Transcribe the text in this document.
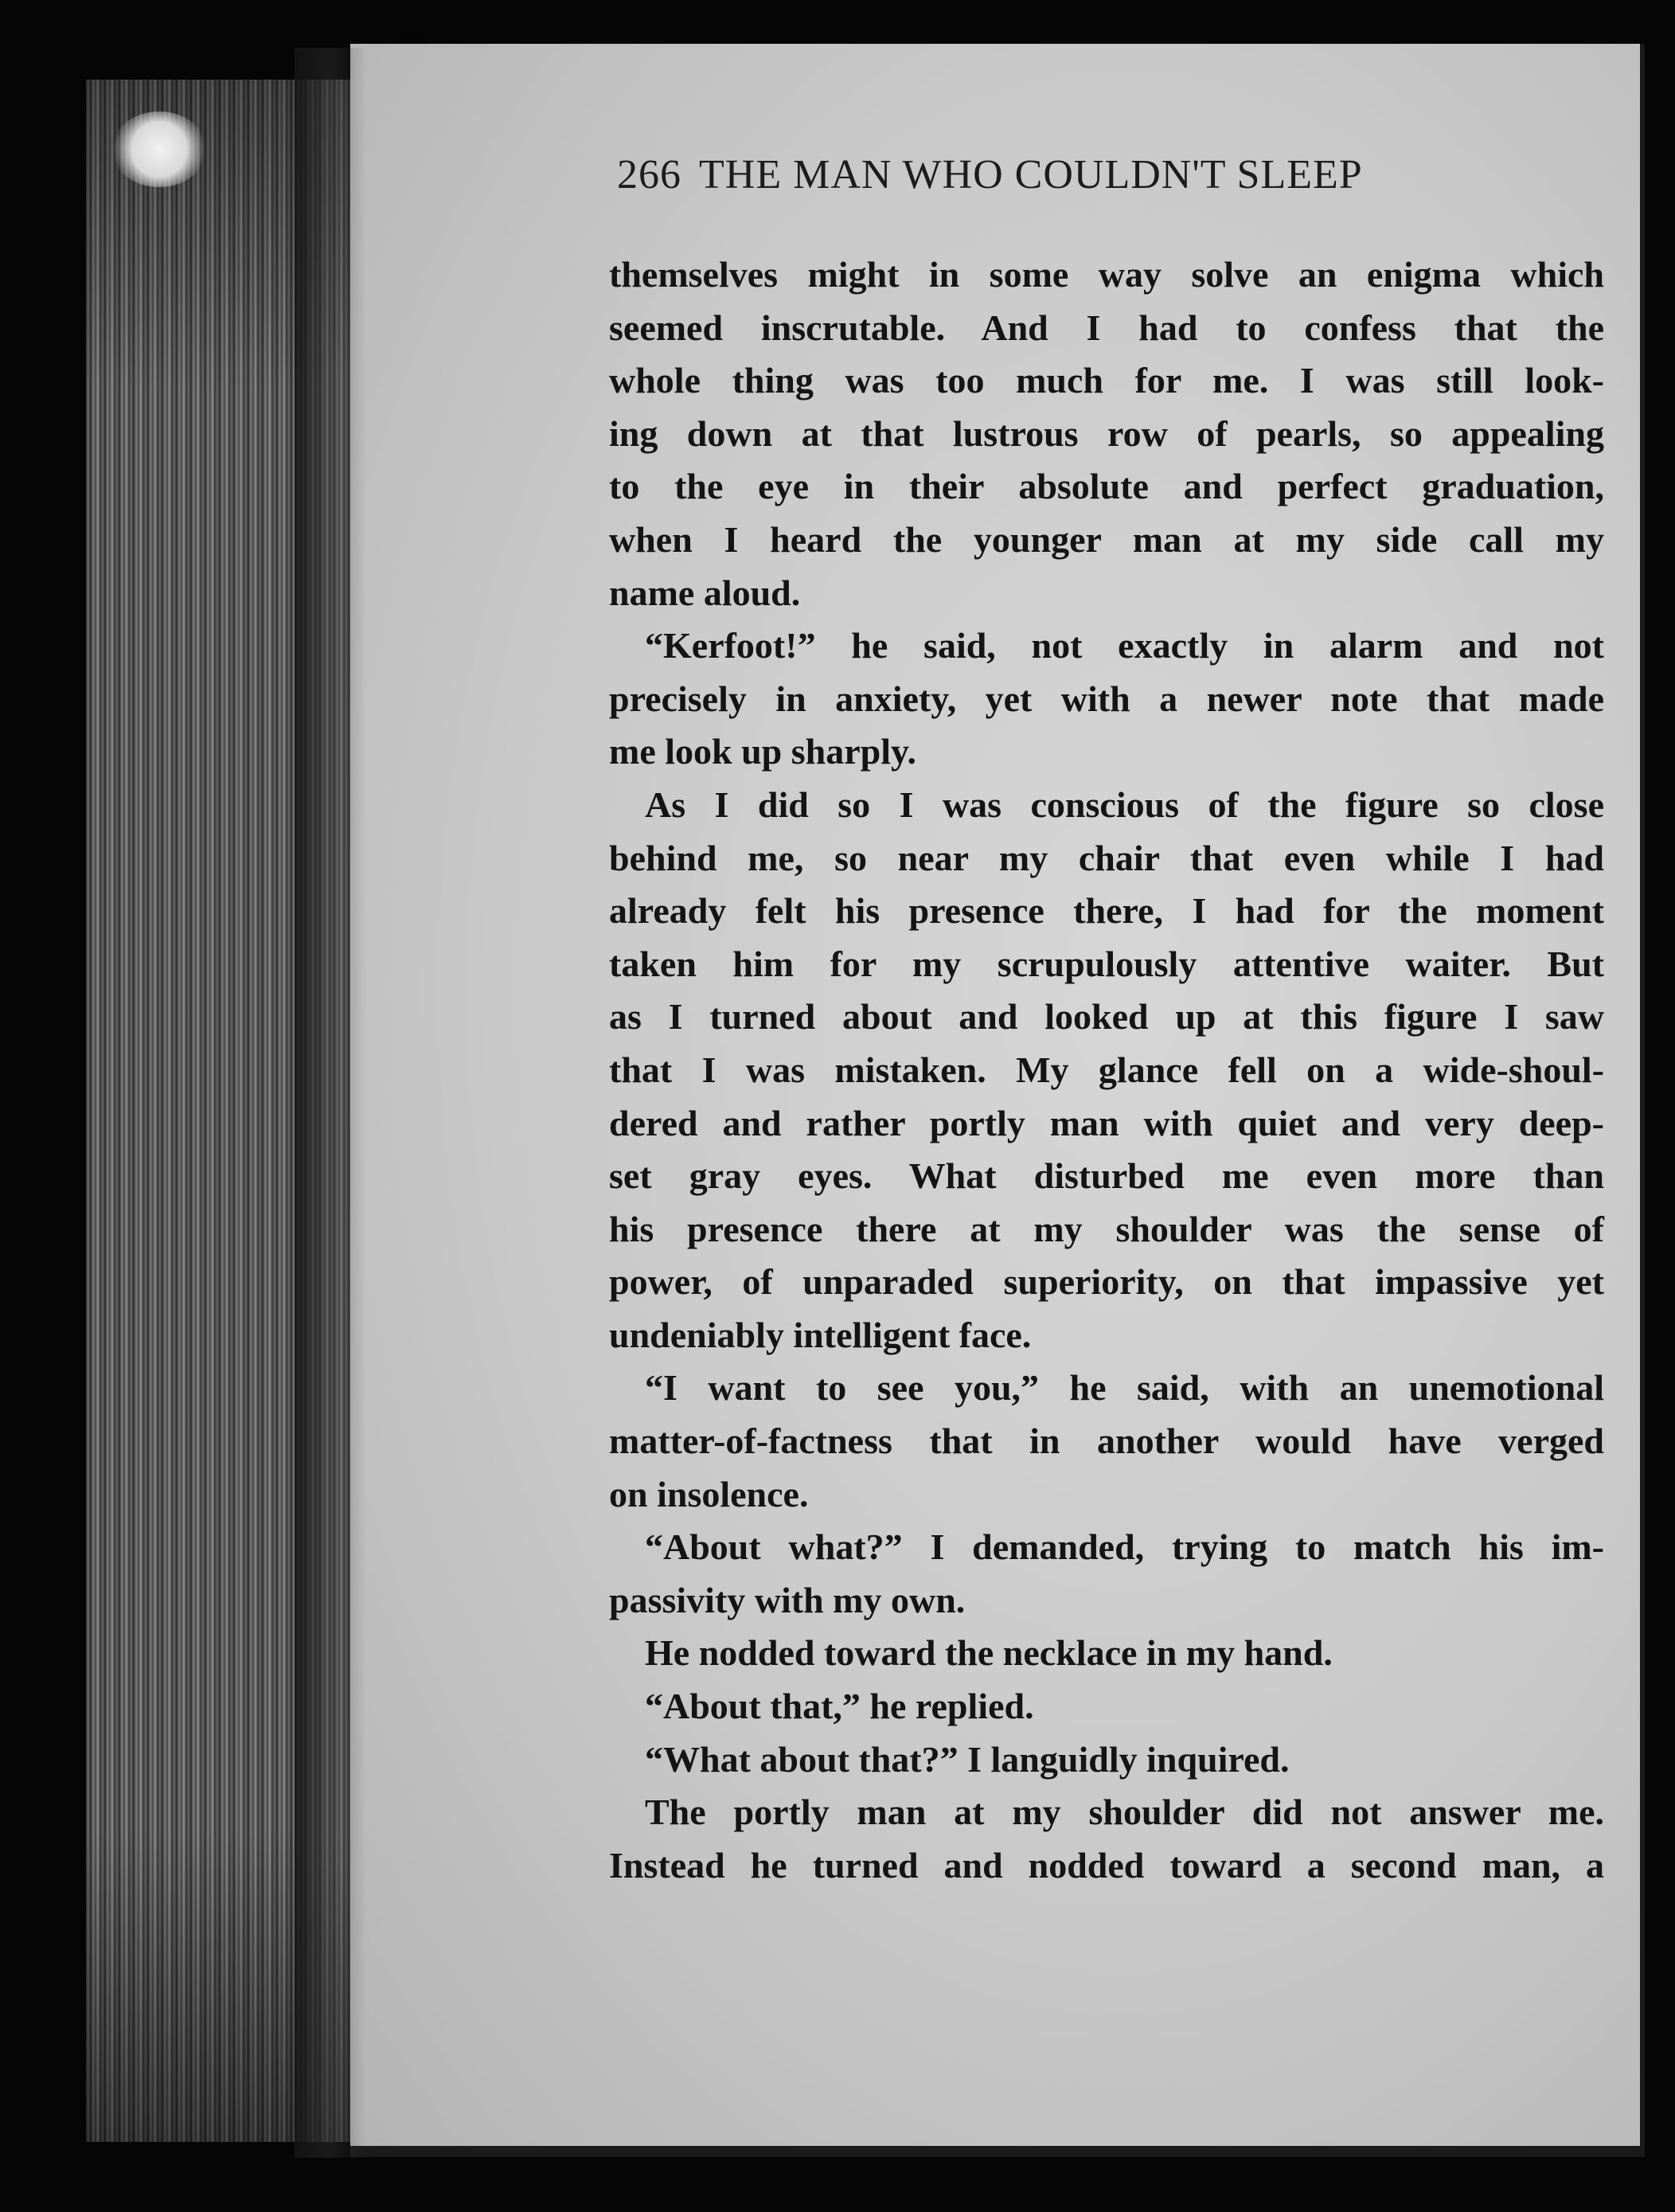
266 THE MAN WHO COULDN'T SLEEP
themselves might in some way solve an enigma which
seemed inscrutable. And I had to confess that the
whole thing was too much for me. I was still look-
ing down at that lustrous row of pearls, so appealing
to the eye in their absolute and perfect graduation,
when I heard the younger man at my side call my
name aloud.
“Kerfoot!” he said, not exactly in alarm and not
precisely in anxiety, yet with a newer note that made
me look up sharply.
As I did so I was conscious of the figure so close
behind me, so near my chair that even while I had
already felt his presence there, I had for the moment
taken him for my scrupulously attentive waiter. But
as I turned about and looked up at this figure I saw
that I was mistaken. My glance fell on a wide-shoul-
dered and rather portly man with quiet and very deep-
set gray eyes. What disturbed me even more than
his presence there at my shoulder was the sense of
power, of unparaded superiority, on that impassive yet
undeniably intelligent face.
“I want to see you,” he said, with an unemotional
matter-of-factness that in another would have verged
on insolence.
“About what?” I demanded, trying to match his im-
passivity with my own.
He nodded toward the necklace in my hand.
“About that,” he replied.
“What about that?” I languidly inquired.
The portly man at my shoulder did not answer me.
Instead he turned and nodded toward a second man, a
